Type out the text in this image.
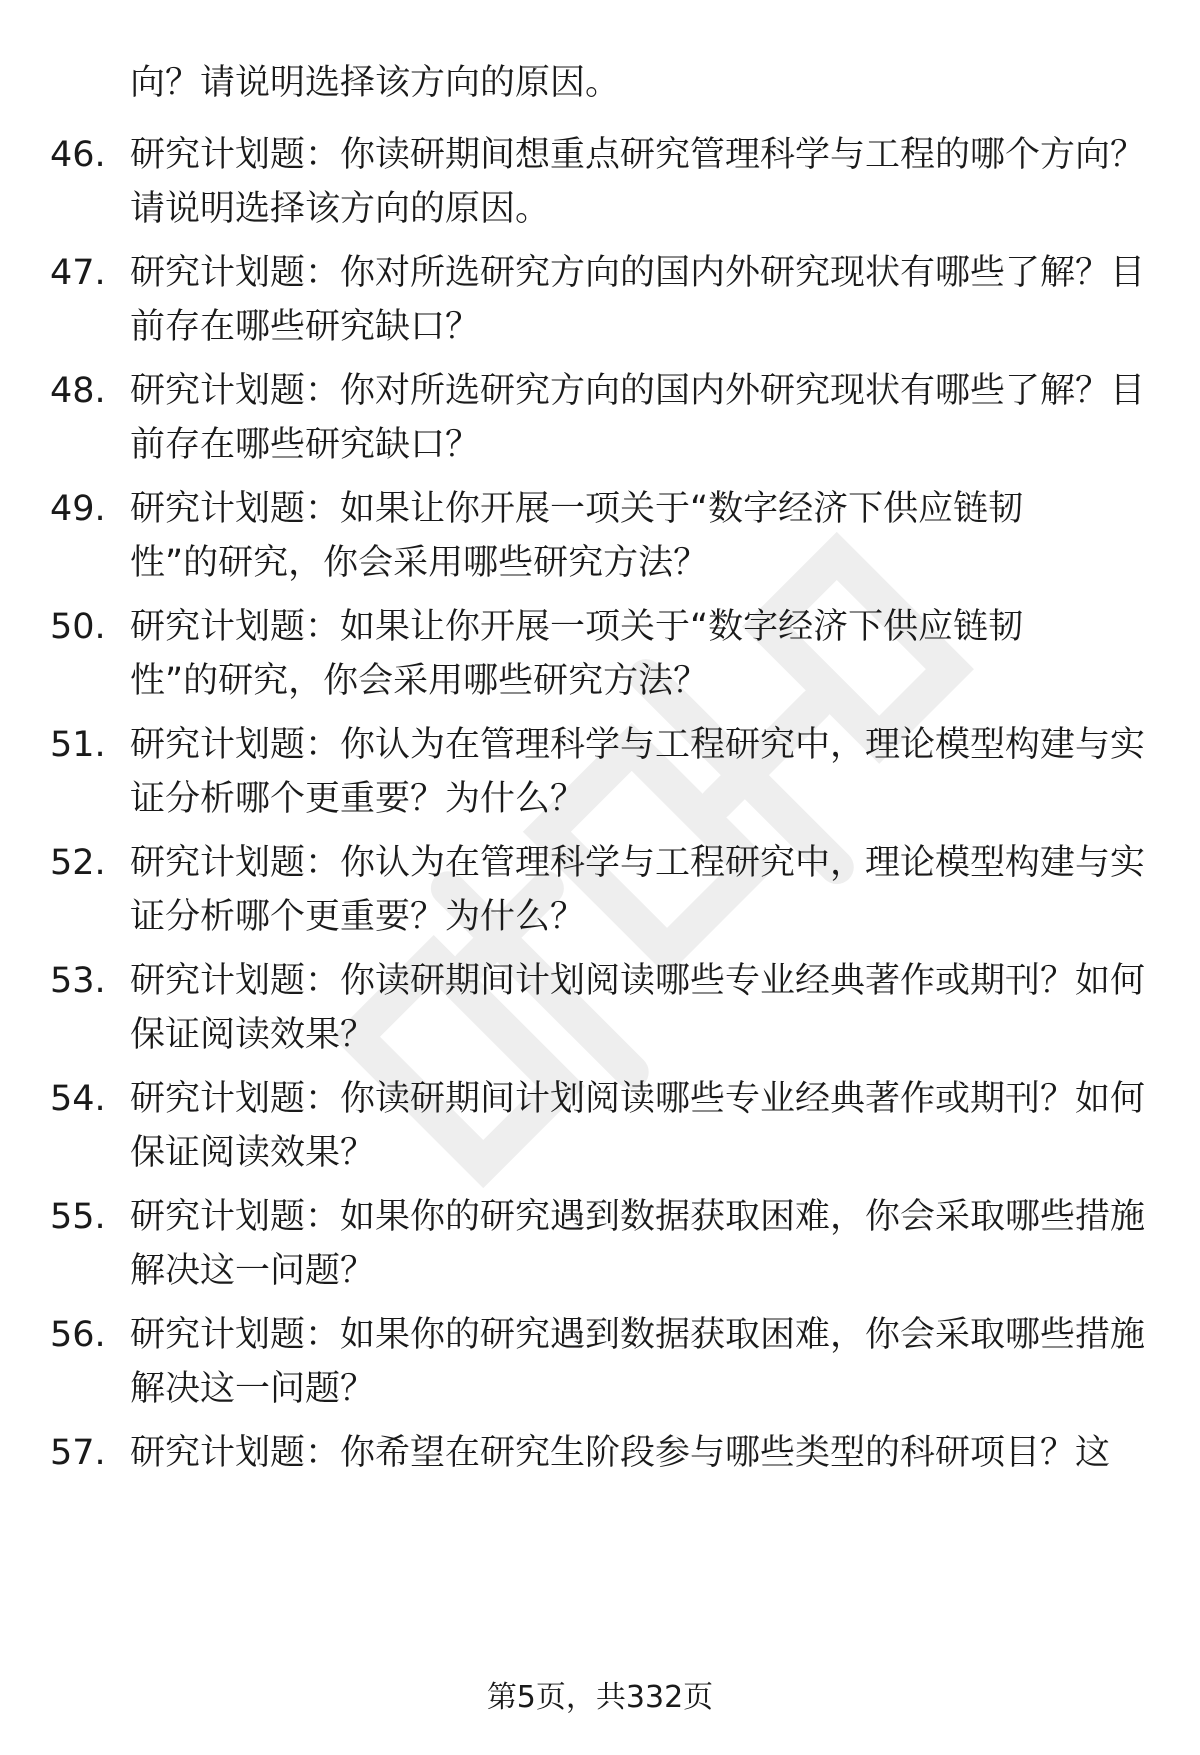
向？请说明选择该方向的原因。

46. 研究计划题：你读研期间想重点研究管理科学与工程的哪个方向？请说明选择该方向的原因。
47. 研究计划题：你对所选研究方向的国内外研究现状有哪些了解？目前存在哪些研究缺口？
48. 研究计划题：你对所选研究方向的国内外研究现状有哪些了解？目前存在哪些研究缺口？
49. 研究计划题：如果让你开展一项关于“数字经济下供应链韧性”的研究，你会采用哪些研究方法？
50. 研究计划题：如果让你开展一项关于“数字经济下供应链韧性”的研究，你会采用哪些研究方法？
51. 研究计划题：你认为在管理科学与工程研究中，理论模型构建与实证分析哪个更重要？为什么？
52. 研究计划题：你认为在管理科学与工程研究中，理论模型构建与实证分析哪个更重要？为什么？
53. 研究计划题：你读研期间计划阅读哪些专业经典著作或期刊？如何保证阅读效果？
54. 研究计划题：你读研期间计划阅读哪些专业经典著作或期刊？如何保证阅读效果？
55. 研究计划题：如果你的研究遇到数据获取困难，你会采取哪些措施解决这一问题？
56. 研究计划题：如果你的研究遇到数据获取困难，你会采取哪些措施解决这一问题？
57. 研究计划题：你希望在研究生阶段参与哪些类型的科研项目？这

第5页，共332页
